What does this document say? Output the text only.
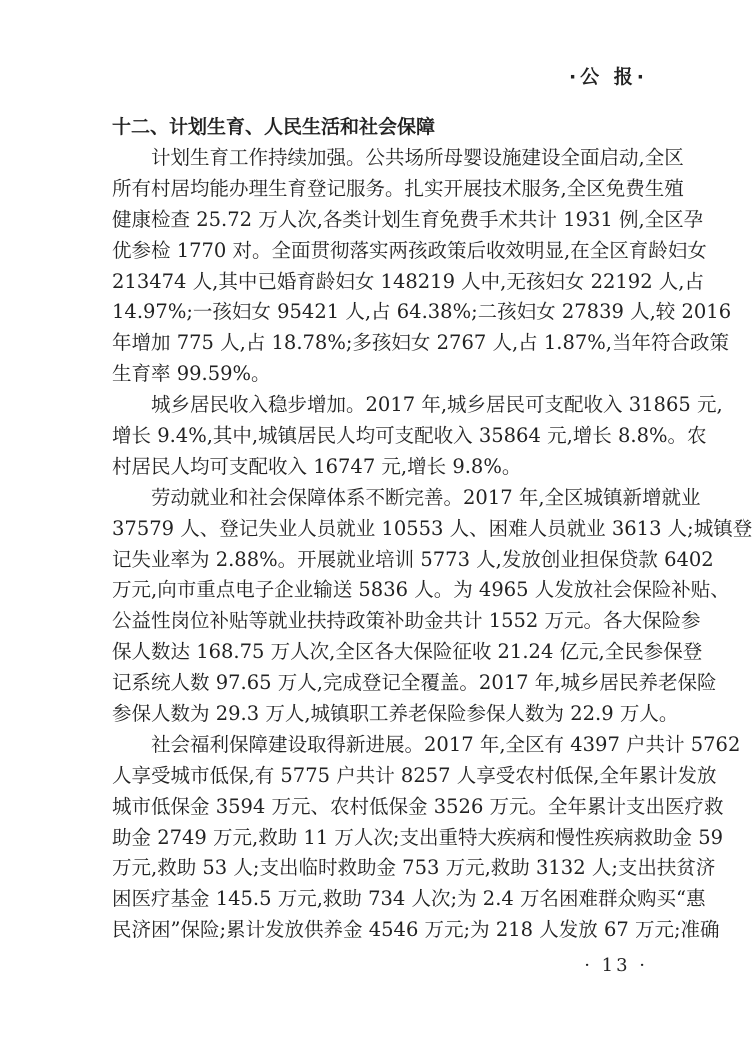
·公 报·
十二、计划生育、人民生活和社会保障
计划生育工作持续加强。公共场所母婴设施建设全面启动,全区
所有村居均能办理生育登记服务。扎实开展技术服务,全区免费生殖
健康检查 25.72 万人次,各类计划生育免费手术共计 1931 例,全区孕
优参检 1770 对。全面贯彻落实两孩政策后收效明显,在全区育龄妇女
213474 人,其中已婚育龄妇女 148219 人中,无孩妇女 22192 人,占
14.97%;一孩妇女 95421 人,占 64.38%;二孩妇女 27839 人,较 2016
年增加 775 人,占 18.78%;多孩妇女 2767 人,占 1.87%,当年符合政策
生育率 99.59%。
城乡居民收入稳步增加。2017 年,城乡居民可支配收入 31865 元,
增长 9.4%,其中,城镇居民人均可支配收入 35864 元,增长 8.8%。农
村居民人均可支配收入 16747 元,增长 9.8%。
劳动就业和社会保障体系不断完善。2017 年,全区城镇新增就业
37579 人、登记失业人员就业 10553 人、困难人员就业 3613 人;城镇登
记失业率为 2.88%。开展就业培训 5773 人,发放创业担保贷款 6402
万元,向市重点电子企业输送 5836 人。为 4965 人发放社会保险补贴、
公益性岗位补贴等就业扶持政策补助金共计 1552 万元。各大保险参
保人数达 168.75 万人次,全区各大保险征收 21.24 亿元,全民参保登
记系统人数 97.65 万人,完成登记全覆盖。2017 年,城乡居民养老保险
参保人数为 29.3 万人,城镇职工养老保险参保人数为 22.9 万人。
社会福利保障建设取得新进展。2017 年,全区有 4397 户共计 5762
人享受城市低保,有 5775 户共计 8257 人享受农村低保,全年累计发放
城市低保金 3594 万元、农村低保金 3526 万元。全年累计支出医疗救
助金 2749 万元,救助 11 万人次;支出重特大疾病和慢性疾病救助金 59
万元,救助 53 人;支出临时救助金 753 万元,救助 3132 人;支出扶贫济
困医疗基金 145.5 万元,救助 734 人次;为 2.4 万名困难群众购买“惠
民济困”保险;累计发放供养金 4546 万元;为 218 人发放 67 万元;准确
· 13 ·
